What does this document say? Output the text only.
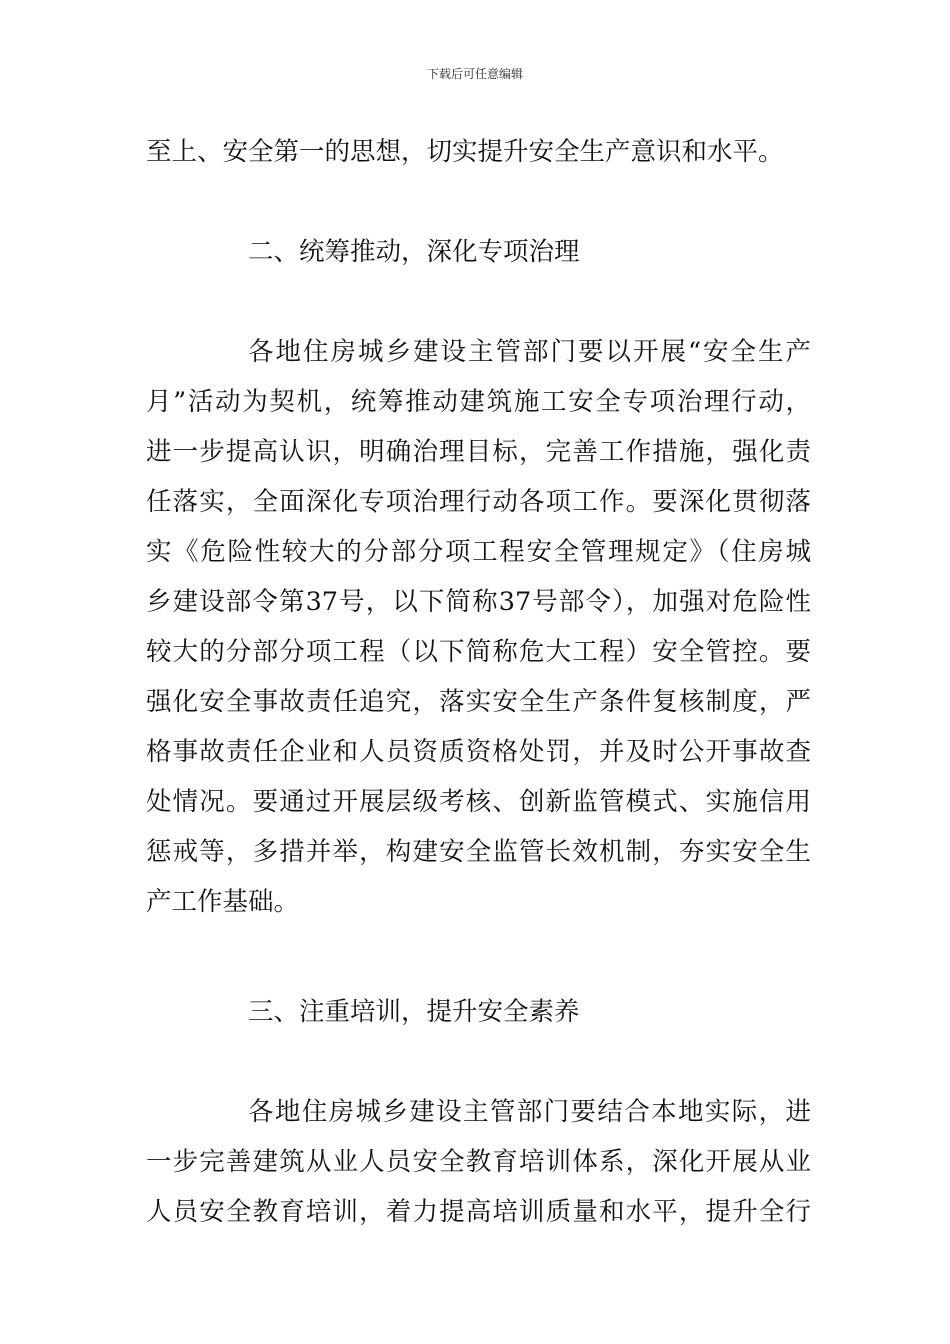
下载后可任意编辑
至上、安全第一的思想，切实提升安全生产意识和水平。
二、统筹推动，深化专项治理
各地住房城乡建设主管部门要以开展“安全生产
月”活动为契机，统筹推动建筑施工安全专项治理行动，
进一步提高认识，明确治理目标，完善工作措施，强化责
任落实，全面深化专项治理行动各项工作。要深化贯彻落
实《危险性较大的分部分项工程安全管理规定》（住房城
乡建设部令第37号，以下简称37号部令），加强对危险性
较大的分部分项工程（以下简称危大工程）安全管控。要
强化安全事故责任追究，落实安全生产条件复核制度，严
格事故责任企业和人员资质资格处罚，并及时公开事故查
处情况。要通过开展层级考核、创新监管模式、实施信用
惩戒等，多措并举，构建安全监管长效机制，夯实安全生
产工作基础。
三、注重培训，提升安全素养
各地住房城乡建设主管部门要结合本地实际，进
一步完善建筑从业人员安全教育培训体系，深化开展从业
人员安全教育培训，着力提高培训质量和水平，提升全行
